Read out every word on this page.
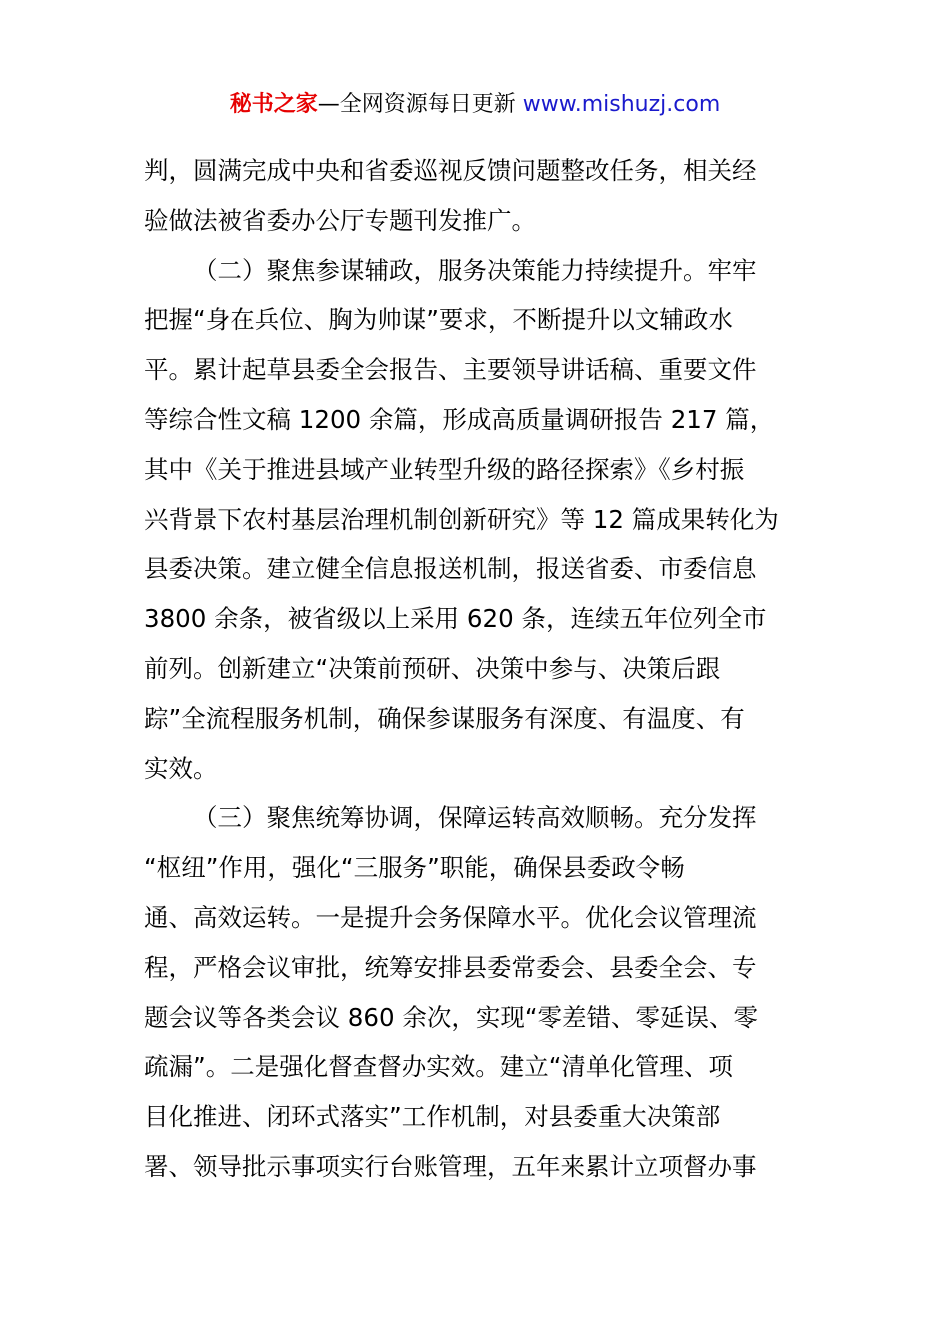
秘书之家—全网资源每日更新 www.mishuzj.com
判，圆满完成中央和省委巡视反馈问题整改任务，相关经
验做法被省委办公厅专题刊发推广。
（二）聚焦参谋辅政，服务决策能力持续提升。牢牢
把握“身在兵位、胸为帅谋”要求，不断提升以文辅政水
平。累计起草县委全会报告、主要领导讲话稿、重要文件
等综合性文稿 1200 余篇，形成高质量调研报告 217 篇，
其中《关于推进县域产业转型升级的路径探索》《乡村振
兴背景下农村基层治理机制创新研究》等 12 篇成果转化为
县委决策。建立健全信息报送机制，报送省委、市委信息
3800 余条，被省级以上采用 620 条，连续五年位列全市
前列。创新建立“决策前预研、决策中参与、决策后跟
踪”全流程服务机制，确保参谋服务有深度、有温度、有
实效。
（三）聚焦统筹协调，保障运转高效顺畅。充分发挥
“枢纽”作用，强化“三服务”职能，确保县委政令畅
通、高效运转。一是提升会务保障水平。优化会议管理流
程，严格会议审批，统筹安排县委常委会、县委全会、专
题会议等各类会议 860 余次，实现“零差错、零延误、零
疏漏”。二是强化督查督办实效。建立“清单化管理、项
目化推进、闭环式落实”工作机制，对县委重大决策部
署、领导批示事项实行台账管理，五年来累计立项督办事
